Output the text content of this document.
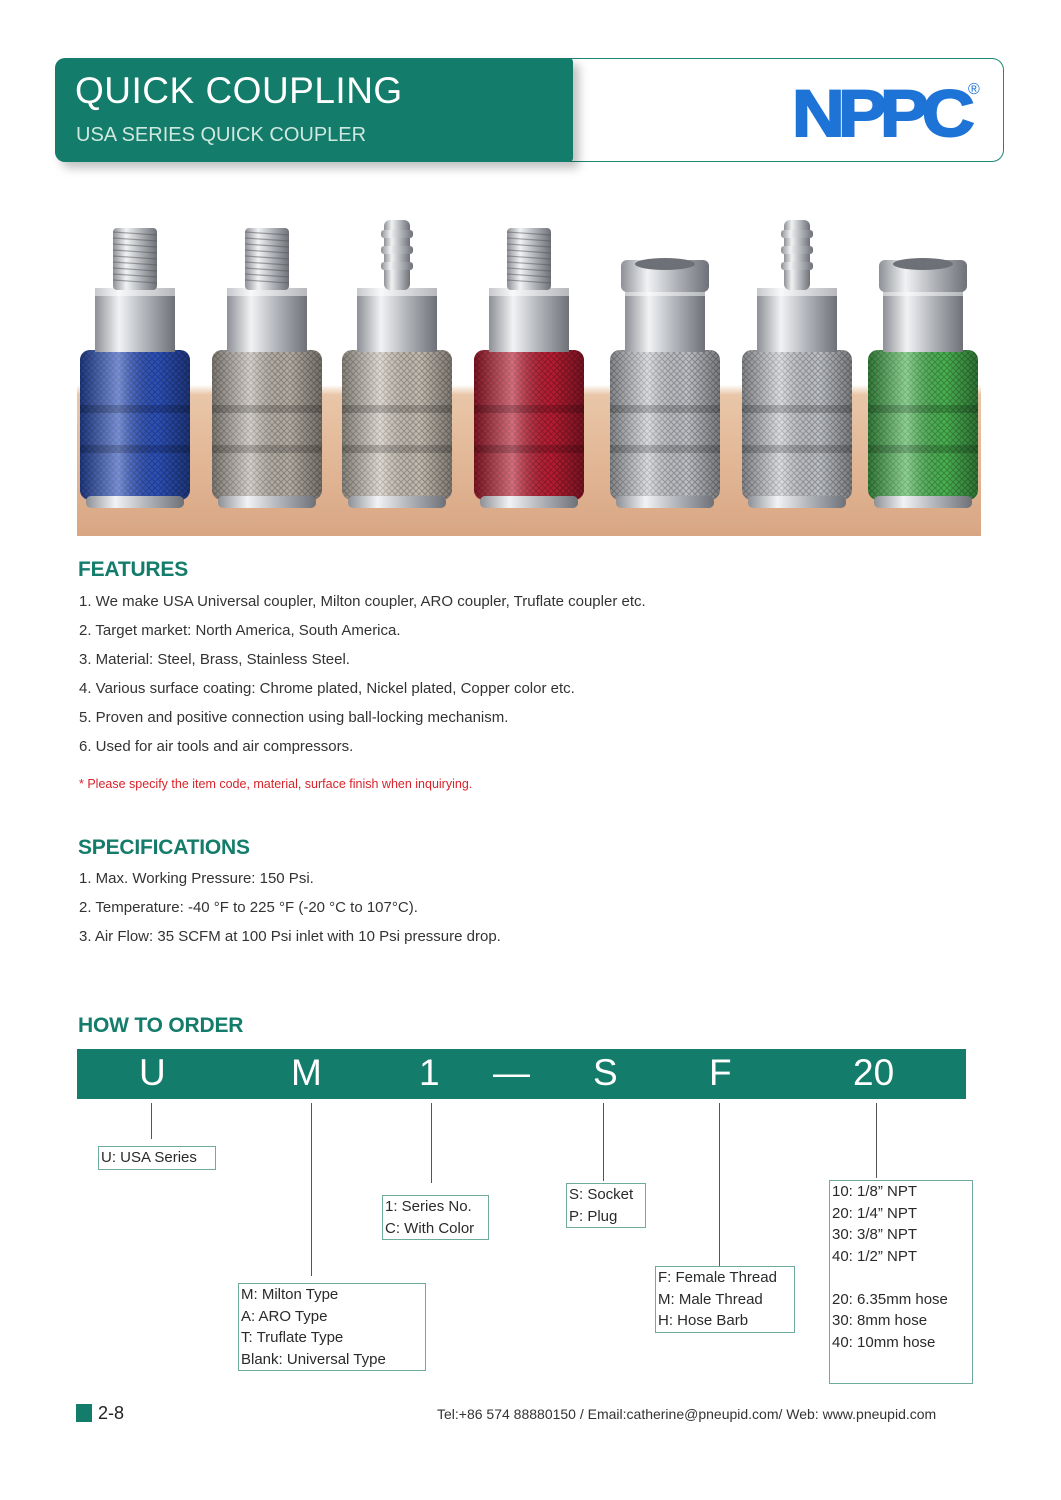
QUICK COUPLING
USA SERIES QUICK COUPLER	NPPC
®
FEATURES
1. We make USA Universal coupler, Milton coupler, ARO coupler, Truflate coupler etc.
2. Target market: North America, South America.
3. Material: Steel, Brass, Stainless Steel.
4. Various surface coating: Chrome plated, Nickel plated, Copper color etc.
5. Proven and positive connection using ball-locking mechanism.
6. Used for air tools and air compressors.
* Please specify the item code, material, surface finish when inquirying.
SPECIFICATIONS
1. Max. Working Pressure: 150 Psi.
2. Temperature: -40 °F to 225 °F (-20 °C to 107°C).
3. Air Flow: 35 SCFM at 100 Psi inlet with 10 Psi pressure drop.
HOW TO ORDER
U	M	1 — S F	20
U: USA Series
M: Milton Type
A: ARO Type
T: Truflate Type
Blank: Universal Type
1: Series No.
C: With Color
S: Socket
P: Plug
F: Female Thread
M: Male Thread
H: Hose Barb
10: 1/8” NPT
20: 1/4” NPT
30: 3/8” NPT
40: 1/2” NPT
20: 6.35mm hose
30: 8mm hose
40: 10mm hose
2-8	Tel:+86 574 88880150 / Email:catherine@pneupid.com/ Web: www.pneupid.com
